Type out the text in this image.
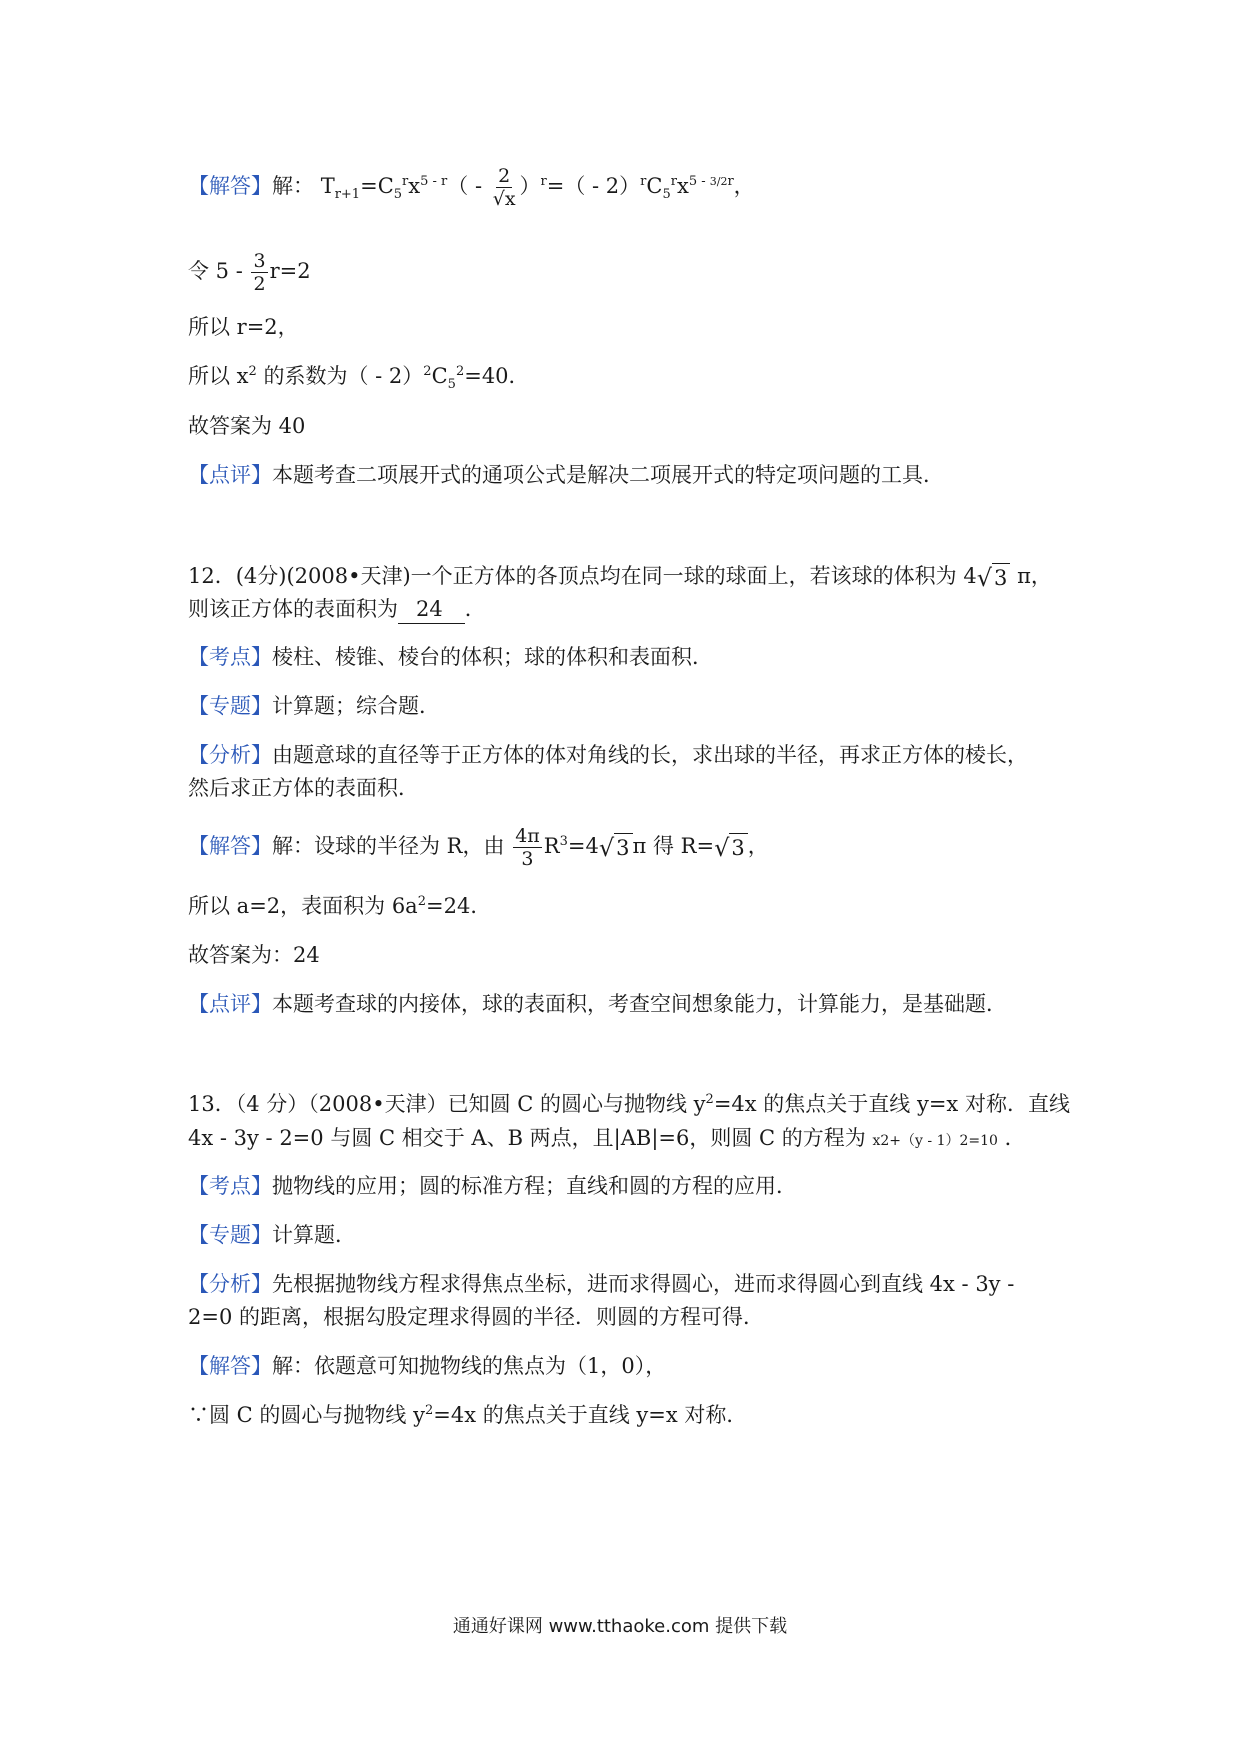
【解答】解： $T_{r+1}=C_5^rx^{5 - r}( - \frac{2}{√x} )^r=( - 2)^rC_5^rx^{5 - 3/2r}$，
令 $5 - \frac{3}{2} r=2$
所以 r=2，
所以 $x^2$ 的系数为（ - $2)^2C_5^2=40$．
故答案为 40
【点评】本题考查二项展开式的通项公式是解决二项展开式的特定项问题的工具．
12．(4分)(2008•天津)一个正方体的各顶点均在同一球的球面上，若该球的体积为 4 √ 3 π，
则该正方体的表面积为 24 ．
【考点】棱柱、棱锥、棱台的体积；球的体积和表面积．
【专题】计算题；综合题．
【分析】由题意球的直径等于正方体的体对角线的长，求出球的半径，再求正方体的棱长，
然后求正方体的表面积．
【解答】解：设球的半径为 R，由 $\frac{4\pi}{3} R^3=4$ √ 3 π 得 R= √ 3 ，
所以 a=2，表面积为 $6a^2=24$．
故答案为：24
【点评】本题考查球的内接体，球的表面积，考查空间想象能力，计算能力，是基础题．
13．（4 分）（2008•天津）已知圆 C 的圆心与抛物线 $y^2=4x$ 的焦点关于直线 y=x 对称．直线
4x - 3y - 2=0 与圆 C 相交于 A、B 两点，且|AB|=6，则圆 C 的方程为 x2+（y - 1）2=10 ．
【考点】抛物线的应用；圆的标准方程；直线和圆的方程的应用．
【专题】计算题．
【分析】先根据抛物线方程求得焦点坐标，进而求得圆心，进而求得圆心到直线 4x - 3y -
2=0 的距离，根据勾股定理求得圆的半径．则圆的方程可得．
【解答】解：依题意可知抛物线的焦点为（1，0），
∵圆 C 的圆心与抛物线 $y^2=4x$ 的焦点关于直线 y=x 对称．
通通好课网 www.tthaoke.com 提供下载
